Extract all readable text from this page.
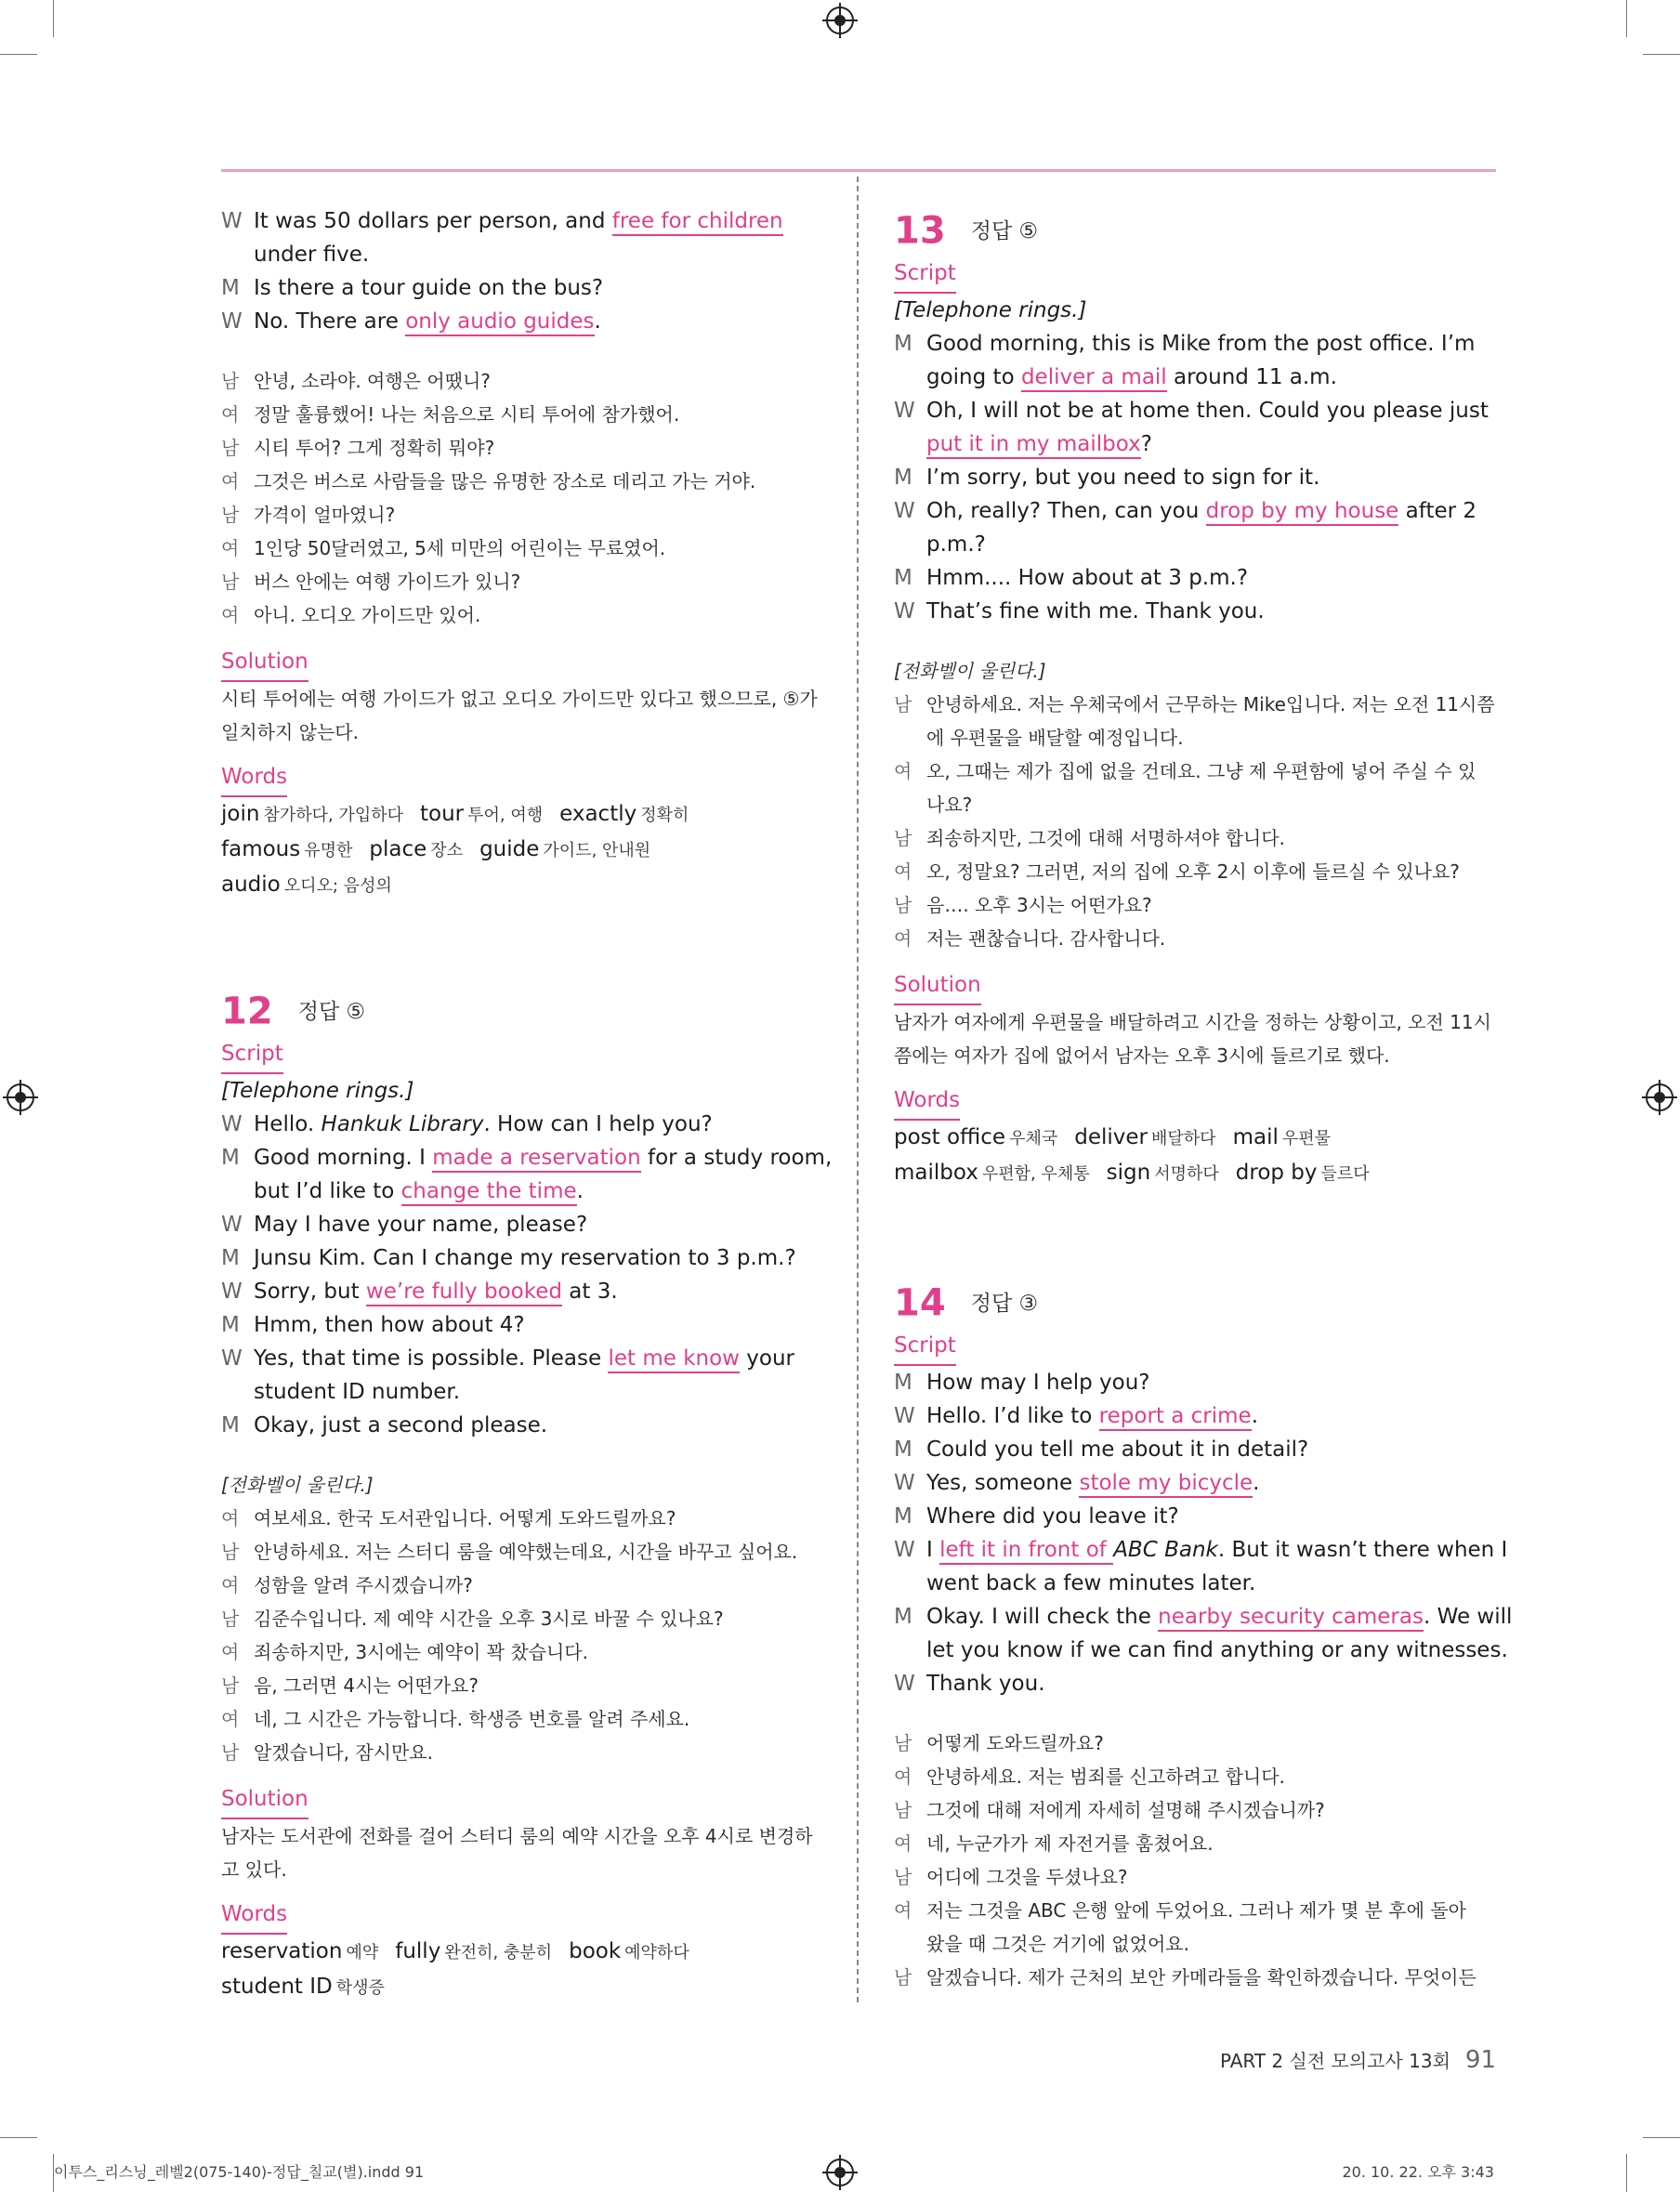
W It was 50 dollars per person, and free for children
under five.
M Is there a tour guide on the bus?
W No. There are only audio guides.
남 안녕, 소라야. 여행은 어땠니?
여 정말 훌륭했어! 나는 처음으로 시티 투어에 참가했어.
남 시티 투어? 그게 정확히 뭐야?
여 그것은 버스로 사람들을 많은 유명한 장소로 데리고 가는 거야.
남 가격이 얼마였니?
여 1인당 50달러였고, 5세 미만의 어린이는 무료였어.
남 버스 안에는 여행 가이드가 있니?
여 아니. 오디오 가이드만 있어.
Solution
시티 투어에는 여행 가이드가 없고 오디오 가이드만 있다고 했으므로, ⑤가
일치하지 않는다.
Words
join 참가하다, 가입하다 tour 투어, 여행 exactly 정확히
famous 유명한 place 장소 guide 가이드, 안내원
audio 오디오; 음성의
12 정답 ⑤
Script
[Telephone rings.]
W Hello. Hankuk Library. How can I help you?
M Good morning. I made a reservation for a study room,
but I’d like to change the time.
W May I have your name, please?
M Junsu Kim. Can I change my reservation to 3 p.m.?
W Sorry, but we’re fully booked at 3.
M Hmm, then how about 4?
W Yes, that time is possible. Please let me know your
student ID number.
M Okay, just a second please.
[전화벨이 울린다.]
여 여보세요. 한국 도서관입니다. 어떻게 도와드릴까요?
남 안녕하세요. 저는 스터디 룸을 예약했는데요, 시간을 바꾸고 싶어요.
여 성함을 알려 주시겠습니까?
남 김준수입니다. 제 예약 시간을 오후 3시로 바꿀 수 있나요?
여 죄송하지만, 3시에는 예약이 꽉 찼습니다.
남 음, 그러면 4시는 어떤가요?
여 네, 그 시간은 가능합니다. 학생증 번호를 알려 주세요.
남 알겠습니다, 잠시만요.
Solution
남자는 도서관에 전화를 걸어 스터디 룸의 예약 시간을 오후 4시로 변경하
고 있다.
Words
reservation 예약 fully 완전히, 충분히 book 예약하다
student ID 학생증
13 정답 ⑤
Script
[Telephone rings.]
M Good morning, this is Mike from the post office. I’m
going to deliver a mail around 11 a.m.
W Oh, I will not be at home then. Could you please just
put it in my mailbox?
M I’m sorry, but you need to sign for it.
W Oh, really? Then, can you drop by my house after 2
p.m.?
M Hmm.... How about at 3 p.m.?
W That’s fine with me. Thank you.
[전화벨이 울린다.]
남 안녕하세요. 저는 우체국에서 근무하는 Mike입니다. 저는 오전 11시쯤
에 우편물을 배달할 예정입니다.
여 오, 그때는 제가 집에 없을 건데요. 그냥 제 우편함에 넣어 주실 수 있
나요?
남 죄송하지만, 그것에 대해 서명하셔야 합니다.
여 오, 정말요? 그러면, 저의 집에 오후 2시 이후에 들르실 수 있나요?
남 음…. 오후 3시는 어떤가요?
여 저는 괜찮습니다. 감사합니다.
Solution
남자가 여자에게 우편물을 배달하려고 시간을 정하는 상황이고, 오전 11시
쯤에는 여자가 집에 없어서 남자는 오후 3시에 들르기로 했다.
Words
post office 우체국 deliver 배달하다 mail 우편물
mailbox 우편함, 우체통 sign 서명하다 drop by 들르다
14 정답 ③
Script
M How may I help you?
W Hello. I’d like to report a crime.
M Could you tell me about it in detail?
W Yes, someone stole my bicycle.
M Where did you leave it?
W I left it in front of ABC Bank. But it wasn’t there when I
went back a few minutes later.
M Okay. I will check the nearby security cameras. We will
let you know if we can find anything or any witnesses.
W Thank you.
남 어떻게 도와드릴까요?
여 안녕하세요. 저는 범죄를 신고하려고 합니다.
남 그것에 대해 저에게 자세히 설명해 주시겠습니까?
여 네, 누군가가 제 자전거를 훔쳤어요.
남 어디에 그것을 두셨나요?
여 저는 그것을 ABC 은행 앞에 두었어요. 그러나 제가 몇 분 후에 돌아
왔을 때 그것은 거기에 없었어요.
남 알겠습니다. 제가 근처의 보안 카메라들을 확인하겠습니다. 무엇이든
PART 2 실전 모의고사 13회 91
이투스_리스닝_레벨2(075-140)-정답_칠교(별).indd 91	20. 10. 22. 오후 3:43
